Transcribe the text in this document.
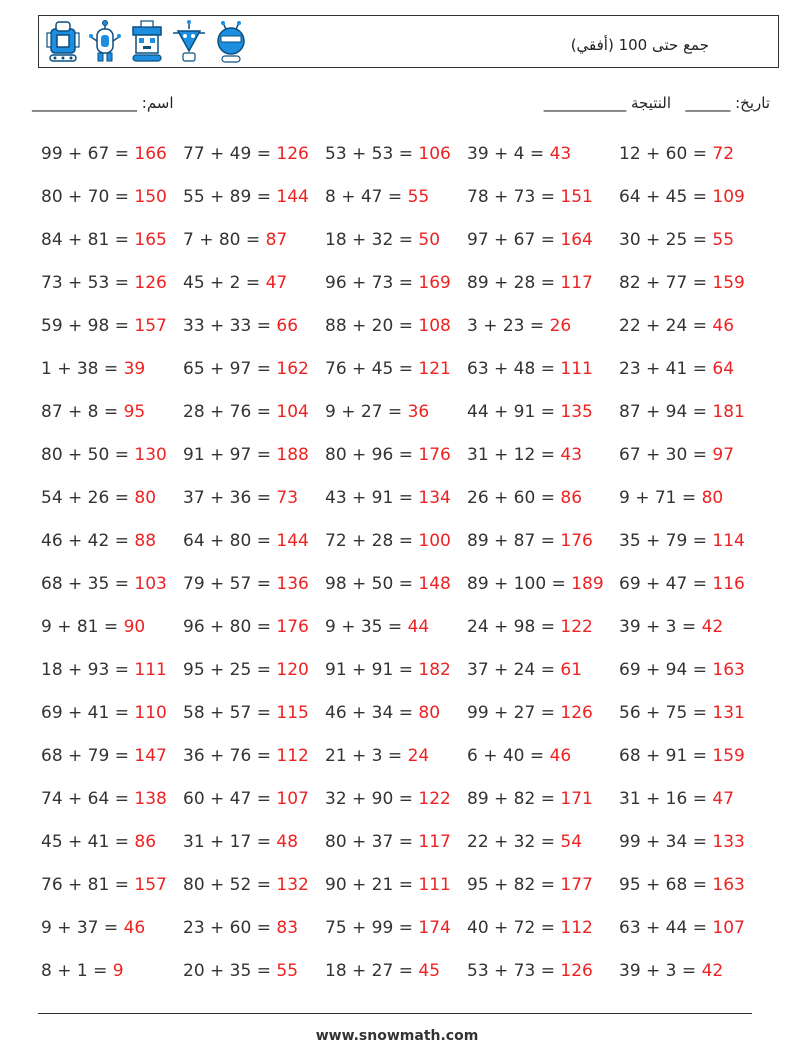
جمع حتى 100 (أفقي)
اسم: ______________	تاريخ: ______   النتيجة ___________
99 + 67 = 166 77 + 49 = 126 53 + 53 = 106 39 + 4 = 43	12 + 60 = 72
80 + 70 = 150 55 + 89 = 144 8 + 47 = 55	78 + 73 = 151	64 + 45 = 109
84 + 81 = 165 7 + 80 = 87	18 + 32 = 50	97 + 67 = 164	30 + 25 = 55
73 + 53 = 126 45 + 2 = 47	96 + 73 = 169 89 + 28 = 117	82 + 77 = 159
59 + 98 = 157 33 + 33 = 66	88 + 20 = 108 3 + 23 = 26	22 + 24 = 46
1 + 38 = 39	65 + 97 = 162 76 + 45 = 121 63 + 48 = 111	23 + 41 = 64
87 + 8 = 95	28 + 76 = 104 9 + 27 = 36	44 + 91 = 135	87 + 94 = 181
80 + 50 = 130 91 + 97 = 188 80 + 96 = 176 31 + 12 = 43	67 + 30 = 97
54 + 26 = 80	37 + 36 = 73	43 + 91 = 134 26 + 60 = 86	9 + 71 = 80
46 + 42 = 88	64 + 80 = 144 72 + 28 = 100 89 + 87 = 176	35 + 79 = 114
68 + 35 = 103 79 + 57 = 136 98 + 50 = 148 89 + 100 = 189 69 + 47 = 116
9 + 81 = 90	96 + 80 = 176 9 + 35 = 44	24 + 98 = 122	39 + 3 = 42
18 + 93 = 111 95 + 25 = 120 91 + 91 = 182 37 + 24 = 61	69 + 94 = 163
69 + 41 = 110 58 + 57 = 115 46 + 34 = 80	99 + 27 = 126	56 + 75 = 131
68 + 79 = 147 36 + 76 = 112 21 + 3 = 24	6 + 40 = 46	68 + 91 = 159
74 + 64 = 138 60 + 47 = 107 32 + 90 = 122 89 + 82 = 171	31 + 16 = 47
45 + 41 = 86	31 + 17 = 48	80 + 37 = 117 22 + 32 = 54	99 + 34 = 133
76 + 81 = 157 80 + 52 = 132 90 + 21 = 111 95 + 82 = 177	95 + 68 = 163
9 + 37 = 46	23 + 60 = 83	75 + 99 = 174 40 + 72 = 112	63 + 44 = 107
8 + 1 = 9	20 + 35 = 55	18 + 27 = 45	53 + 73 = 126	39 + 3 = 42
www.snowmath.com
